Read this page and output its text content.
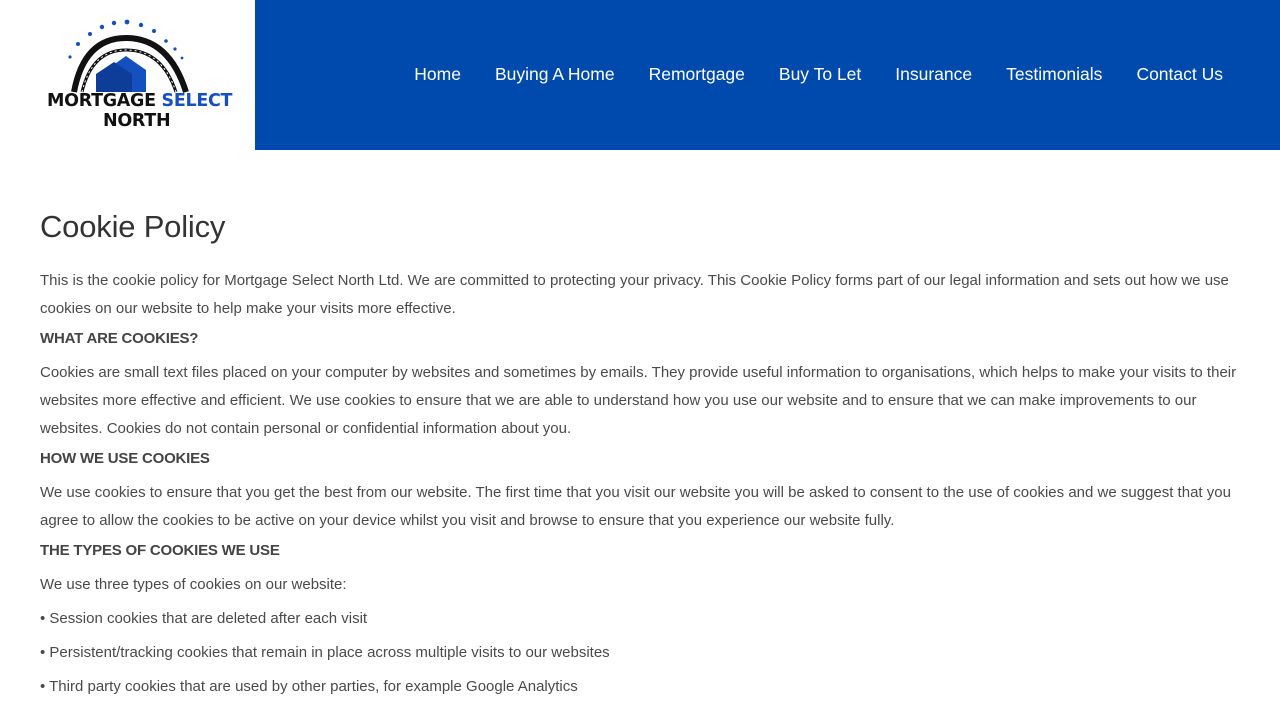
MORTGAGE SELECT
NORTH
Home Buying A Home Remortgage Buy To Let Insurance Testimonials Contact Us
Cookie Policy

This is the cookie policy for Mortgage Select North Ltd. We are committed to protecting your privacy. This Cookie Policy forms part of our legal information and sets out how we use cookies on our website to help make your visits more effective.

WHAT ARE COOKIES?

Cookies are small text files placed on your computer by websites and sometimes by emails. They provide useful information to organisations, which helps to make your visits to their websites more effective and efficient. We use cookies to ensure that we are able to understand how you use our website and to ensure that we can make improvements to our websites. Cookies do not contain personal or confidential information about you.

HOW WE USE COOKIES

We use cookies to ensure that you get the best from our website. The first time that you visit our website you will be asked to consent to the use of cookies and we suggest that you agree to allow the cookies to be active on your device whilst you visit and browse to ensure that you experience our website fully.

THE TYPES OF COOKIES WE USE

We use three types of cookies on our website:

• Session cookies that are deleted after each visit

• Persistent/tracking cookies that remain in place across multiple visits to our websites

• Third party cookies that are used by other parties, for example Google Analytics
